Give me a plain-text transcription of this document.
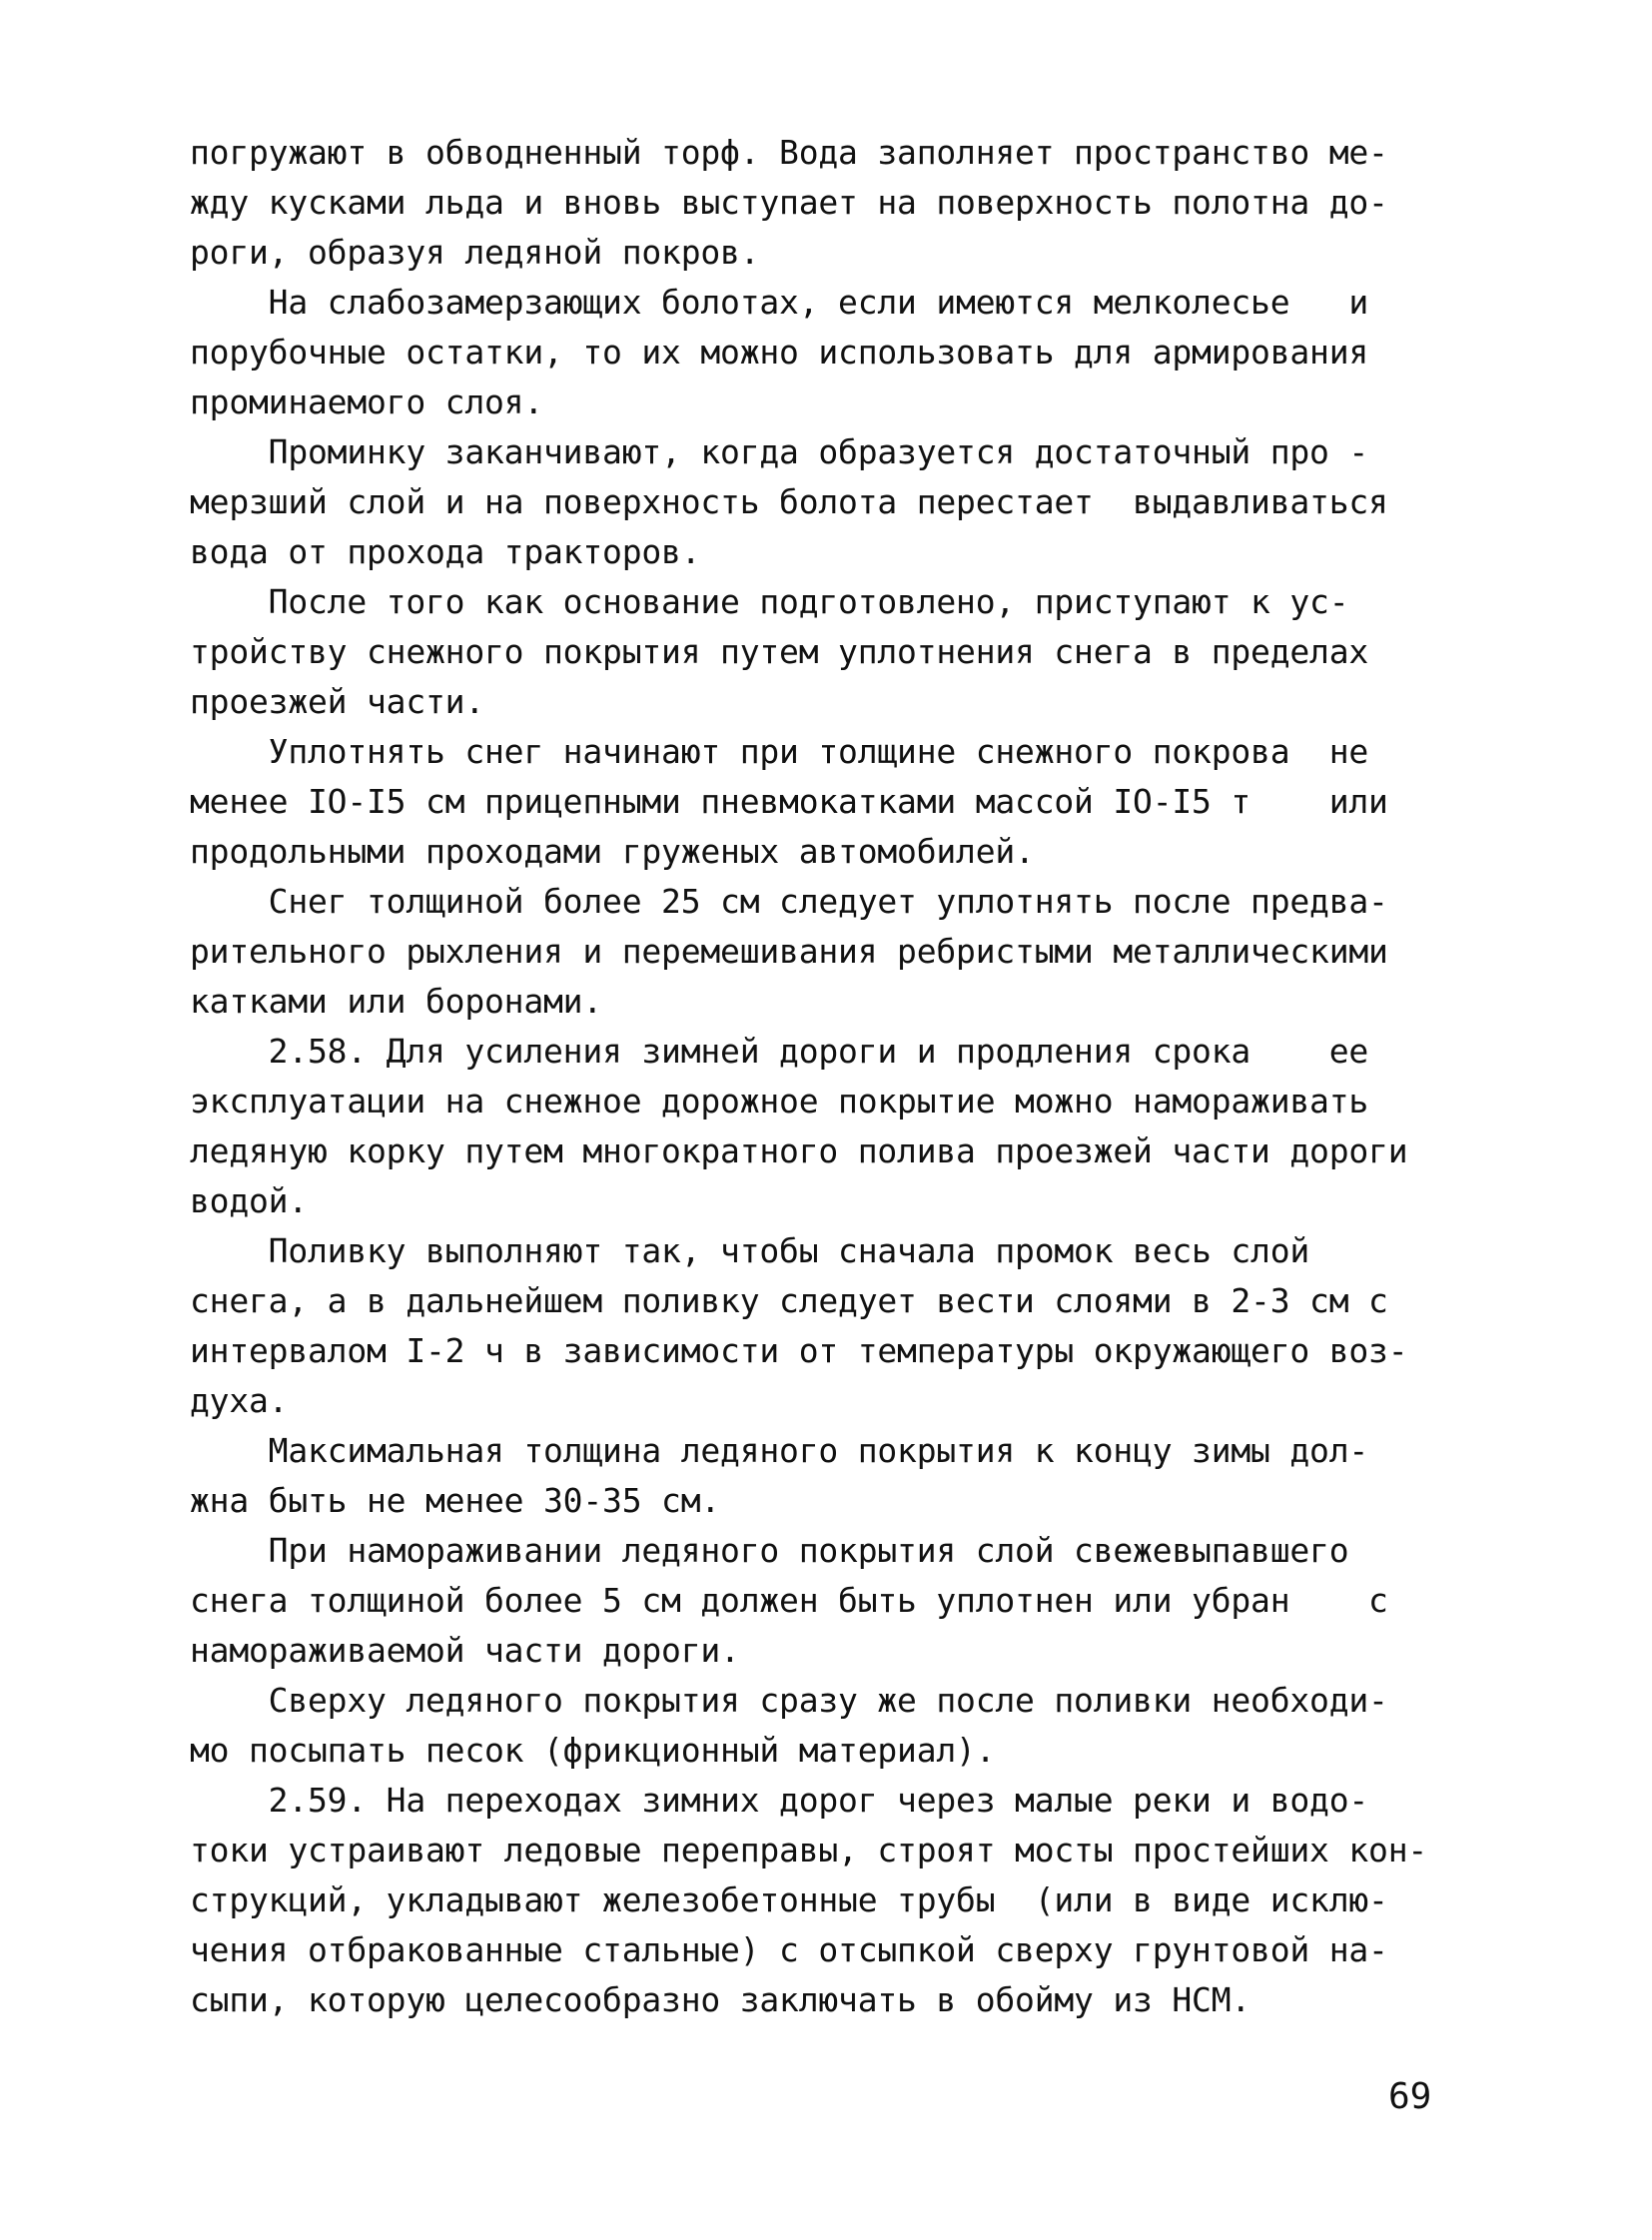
погружают в обводненный торф. Вода заполняет пространство ме-
жду кусками льда и вновь выступает на поверхность полотна до-
роги, образуя ледяной покров.
На слабозамерзающих болотах, если имеются мелколесье   и
порубочные остатки, то их можно использовать для армирования
проминаемого слоя.
Проминку заканчивают, когда образуется достаточный про -
мерзший слой и на поверхность болота перестает  выдавливаться
вода от прохода тракторов.
После того как основание подготовлено, приступают к ус-
тройству снежного покрытия путем уплотнения снега в пределах
проезжей части.
Уплотнять снег начинают при толщине снежного покрова  не
менее IO-I5 см прицепными пневмокатками массой IO-I5 т    или
продольными проходами груженых автомобилей.
Снег толщиной более 25 см следует уплотнять после предва-
рительного рыхления и перемешивания ребристыми металлическими
катками или боронами.
2.58. Для усиления зимней дороги и продления срока    ее
эксплуатации на снежное дорожное покрытие можно намораживать
ледяную корку путем многократного полива проезжей части дороги
водой.
Поливку выполняют так, чтобы сначала промок весь слой
снега, а в дальнейшем поливку следует вести слоями в 2-3 см с
интервалом I-2 ч в зависимости от температуры окружающего воз-
духа.
Максимальная толщина ледяного покрытия к концу зимы дол-
жна быть не менее 30-35 см.
При намораживании ледяного покрытия слой свежевыпавшего
снега толщиной более 5 см должен быть уплотнен или убран    с
намораживаемой части дороги.
Сверху ледяного покрытия сразу же после поливки необходи-
мо посыпать песок (фрикционный материал).
2.59. На переходах зимних дорог через малые реки и водо-
токи устраивают ледовые переправы, строят мосты простейших кон-
струкций, укладывают железобетонные трубы  (или в виде исклю-
чения отбракованные стальные) с отсыпкой сверху грунтовой на-
сыпи, которую целесообразно заключать в обойму из НСМ.
69
